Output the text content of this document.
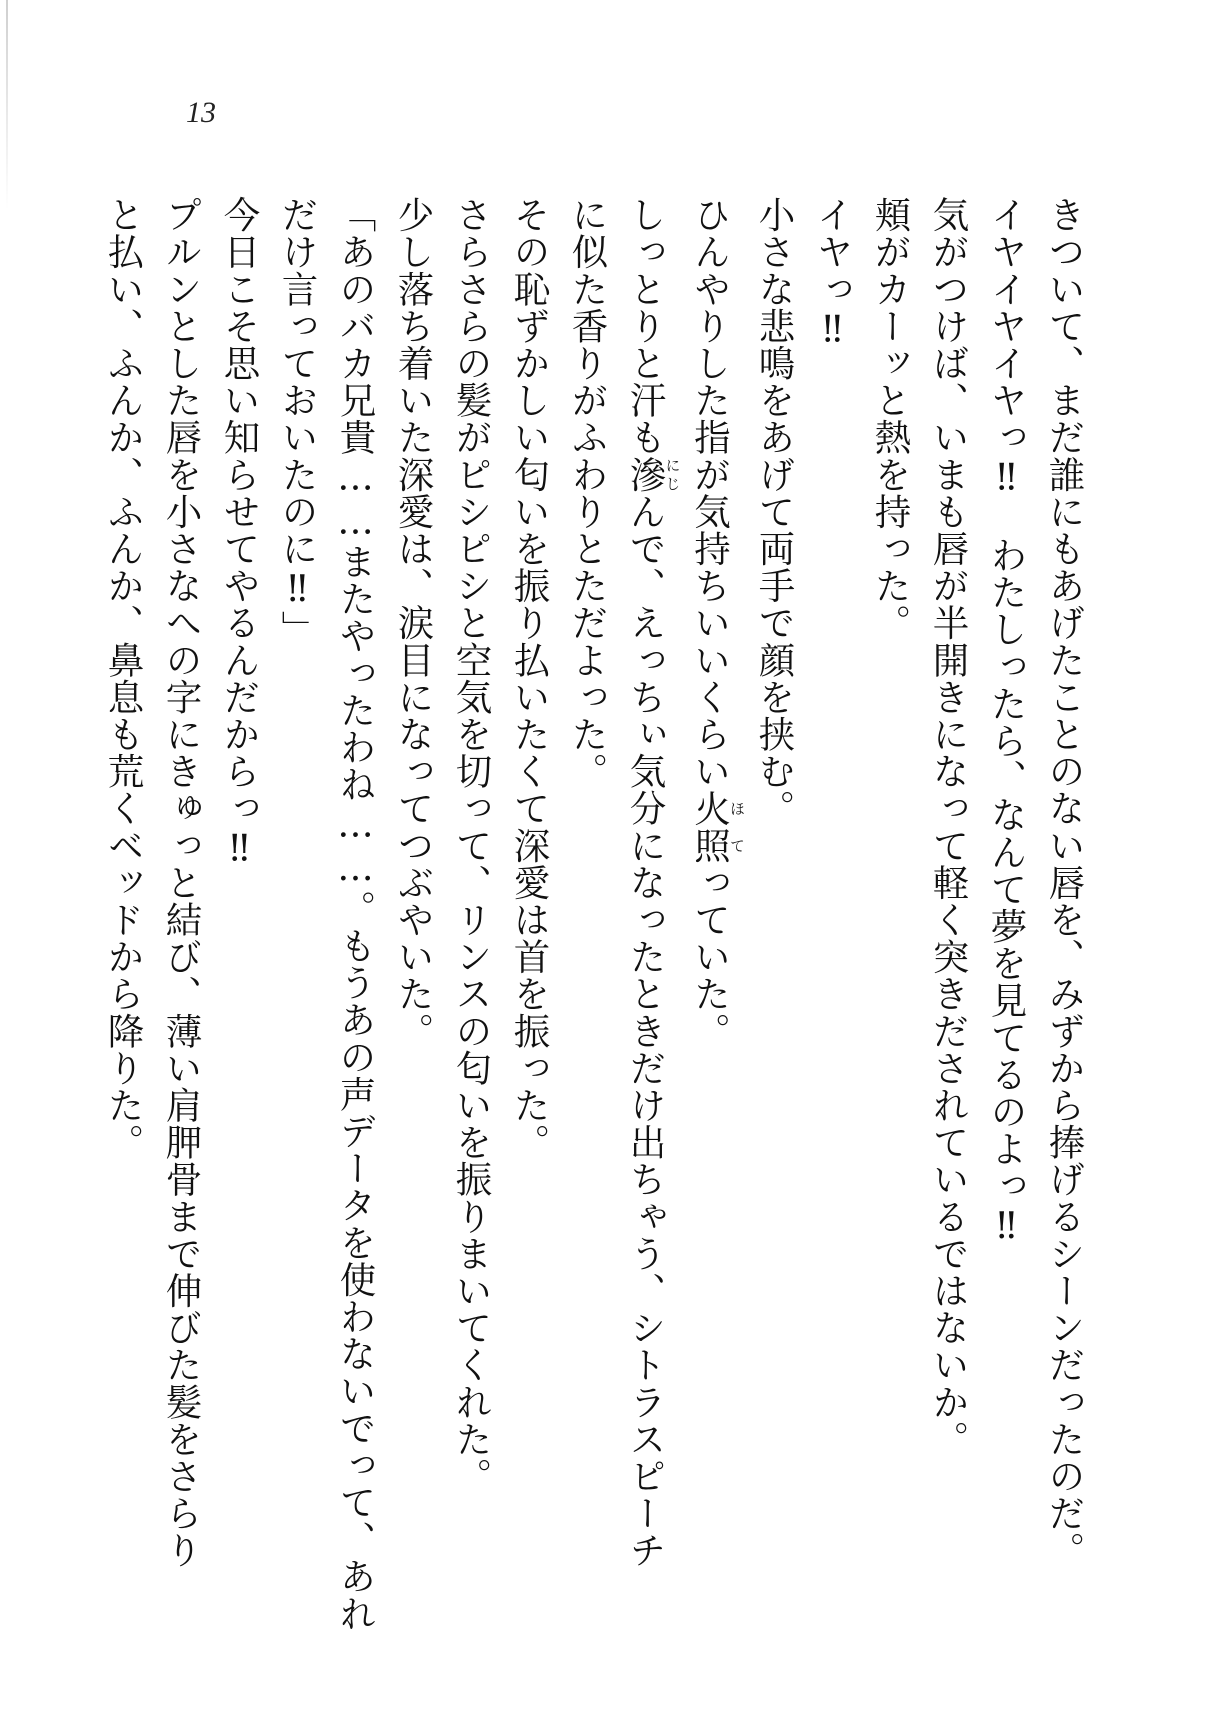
13
きついて、まだ誰にもあげたことのない唇を、みずから捧げるシーンだったのだ。
イヤイヤイヤっ‼　わたしったら、なんて夢を見てるのよっ‼
気がつけば、いまも唇が半開きになって軽く突きだされているではないか。
頬がカーッと熱を持った。
イヤっ‼
小さな悲鳴をあげて両手で顔を挟む。
ひんやりした指が気持ちいいくらい火照ほてっていた。
しっとりと汗も滲にじんで、えっちぃ気分になったときだけ出ちゃう、シトラスピーチ
に似た香りがふわりとただよった。
その恥ずかしい匂いを振り払いたくて深愛は首を振った。
さらさらの髪がピシピシと空気を切って、リンスの匂いを振りまいてくれた。
少し落ち着いた深愛は、涙目になってつぶやいた。
「あのバカ兄貴……またやったわね……。もうあの声データを使わないでって、あれ
だけ言っておいたのに‼」
今日こそ思い知らせてやるんだからっ‼
プルンとした唇を小さなへの字にきゅっと結び、薄い肩胛骨まで伸びた髪をさらり
と払い、ふんか、ふんか、鼻息も荒くベッドから降りた。
